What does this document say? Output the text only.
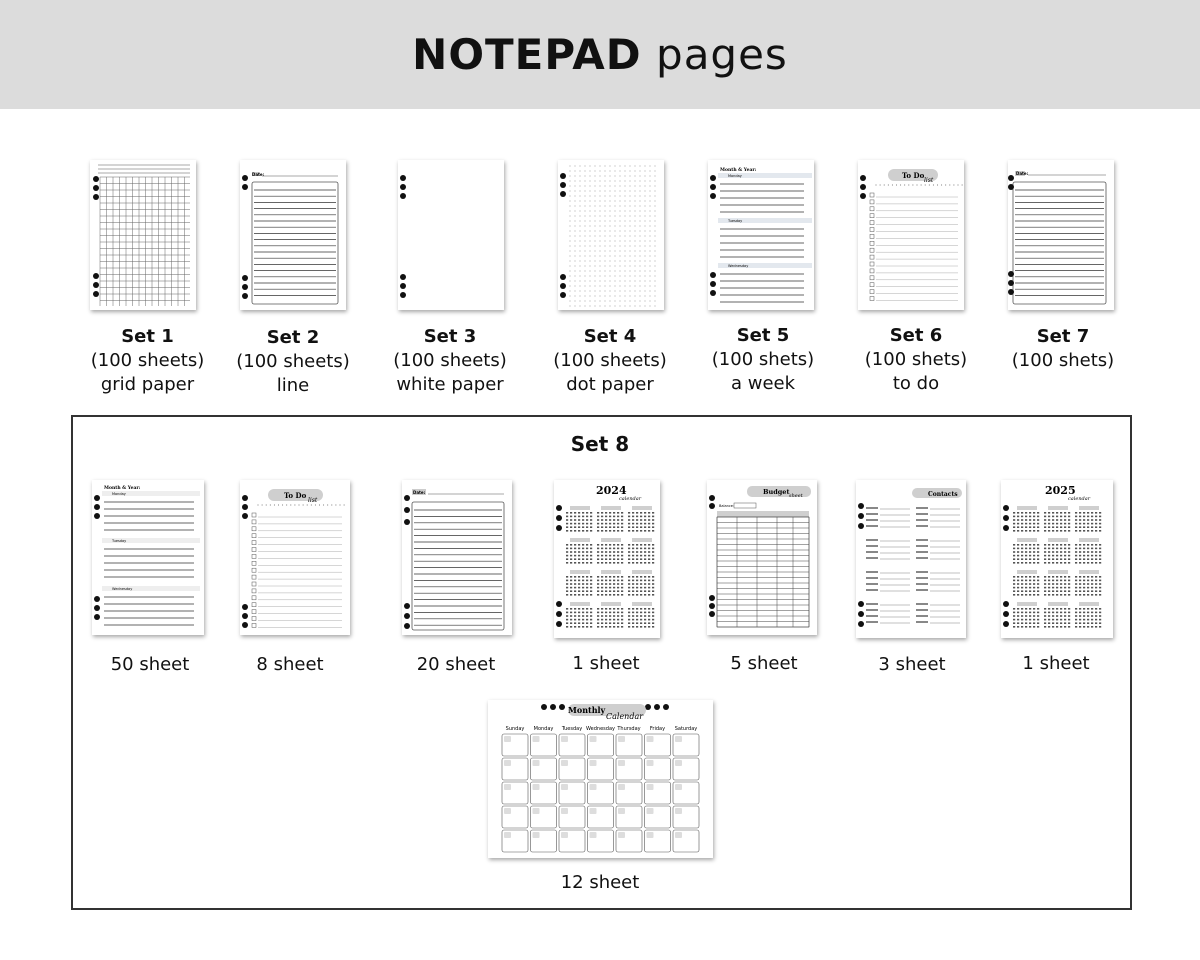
NOTEPAD pages
Date:
Month & Year:
Monday
Tuesday
Wednesday
To Do
list
Date:
Set 1
(100 sheets)
grid paper
Set 2
(100 sheets)
line
Set 3
(100 sheets)
white paper
Set 4
(100 sheets)
dot paper
Set 5
(100 shets)
a week
Set 6
(100 shets)
to do
Set 7
(100 shets)
Set 8
Month & Year:
Monday
Tuesday
Wednesday
To Do
list
Date:	2024
calendar
Budget sheet
Balance:
Contacts	2025
calendar
50 sheet	8 sheet	20 sheet	1 sheet	5 sheet	3 sheet	1 sheet
Monthly
Calendar
Sunday Monday Tuesday Wednesday Thursday Friday Saturday
12 sheet
